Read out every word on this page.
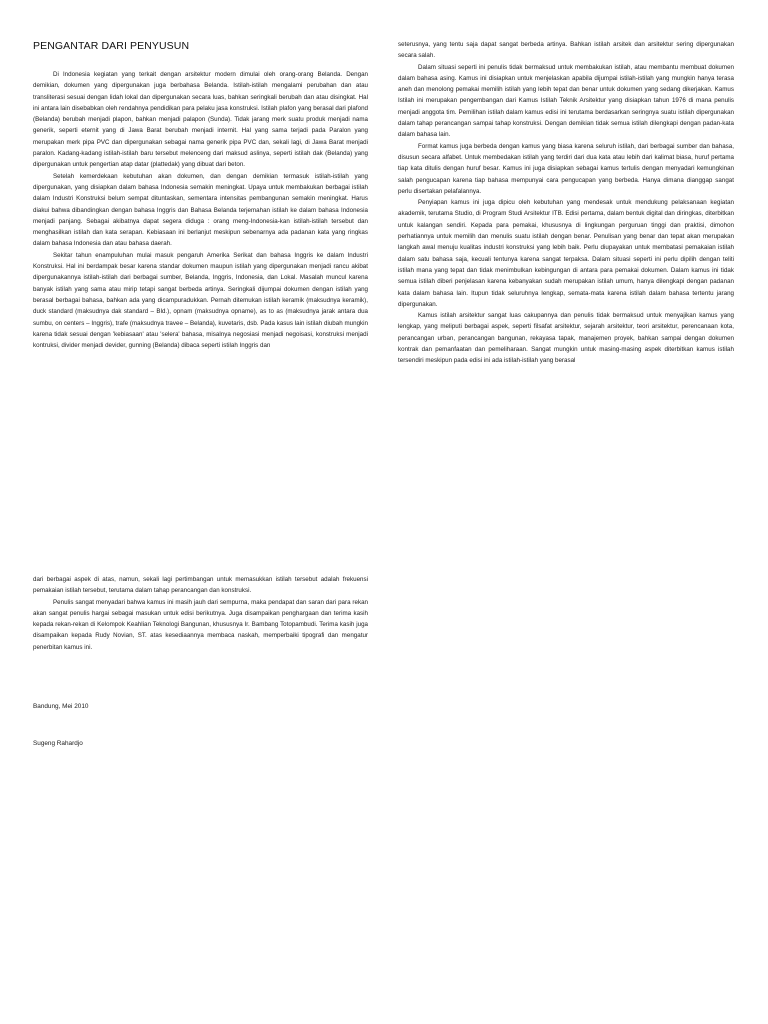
PENGANTAR DARI PENYUSUN

Di Indonesia kegiatan yang terkait dengan arsitektur modern dimulai oleh orang-orang Belanda. Dengan demikian, dokumen yang dipergunakan juga berbahasa Belanda. Istilah-istilah mengalami perubahan dan atau transliterasi sesuai dengan lidah lokal dan dipergunakan secara luas, bahkan seringkali berubah dan atau disingkat. Hal ini antara lain disebabkan oleh rendahnya pendidikan para pelaku jasa konstruksi. Istilah plafon yang berasal dari plafond (Belanda) berubah menjadi plapon, bahkan menjadi palapon (Sunda). Tidak jarang merk suatu produk menjadi nama generik, seperti eternit yang di Jawa Barat berubah menjadi internit. Hal yang sama terjadi pada Paralon yang merupakan merk pipa PVC dan dipergunakan sebagai nama generik pipa PVC dan, sekali lagi, di Jawa Barat menjadi paralon. Kadang-kadang istilah-istilah baru tersebut melenceng dari maksud aslinya, seperti istilah dak (Belanda) yang dipergunakan untuk pengertian atap datar (plattedak) yang dibuat dari beton.

Setelah kemerdekaan kebutuhan akan dokumen, dan dengan demikian termasuk istilah-istilah yang dipergunakan, yang disiapkan dalam bahasa Indonesia semakin meningkat. Upaya untuk membakukan berbagai istilah dalam Industri Konstruksi belum sempat dituntaskan, sementara intensitas pembangunan semakin meningkat. Harus diakui bahwa dibandingkan dengan bahasa Inggris dan Bahasa Belanda terjemahan istilah ke dalam bahasa Indonesia menjadi panjang. Sebagai akibatnya dapat segera diduga : orang meng-Indonesia-kan istilah-istilah tersebut dan menghasilkan istilah dan kata serapan. Kebiasaan ini berlanjut meskipun sebenarnya ada padanan kata yang ringkas dalam bahasa Indonesia dan atau bahasa daerah.

Sekitar tahun enampuluhan mulai masuk pengaruh Amerika Serikat dan bahasa Inggris ke dalam Industri Konstruksi. Hal ini berdampak besar karena standar dokumen maupun istilah yang dipergunakan menjadi rancu akibat dipergunakannya istilah-istilah dari berbagai sumber, Belanda, Inggris, Indonesia, dan Lokal. Masalah muncul karena banyak istilah yang sama atau mirip tetapi sangat berbeda artinya. Seringkali dijumpai dokumen dengan istilah yang berasal berbagai bahasa, bahkan ada yang dicampuradukkan. Pernah ditemukan istilah keramik (maksudnya keramik), duck standard (maksudnya dak standard – Bld.), opnam (maksudnya opname), as to as (maksudnya jarak antara dua sumbu, on centers – Inggris), trafe (maksudnya travee – Belanda), kuvetaris, dsb. Pada kasus lain istilah diubah mungkin karena tidak sesuai dengan 'kebiasaan' atau 'selera' bahasa, misalnya negosiasi menjadi negoisasi, konstruksi menjadi kontruksi, divider menjadi devider, gunning (Belanda) dibaca seperti istilah Inggris dan

seterusnya, yang tentu saja dapat sangat berbeda artinya. Bahkan istilah arsitek dan arsitektur sering dipergunakan secara salah.

Dalam situasi seperti ini penulis tidak bermaksud untuk membakukan istilah, atau membantu membuat dokumen dalam bahasa asing. Kamus ini disiapkan untuk menjelaskan apabila dijumpai istilah-istilah yang mungkin hanya terasa aneh dan menolong pemakai memilih istilah yang lebih tepat dan benar untuk dokumen yang sedang dikerjakan. Kamus Istilah ini merupakan pengembangan dari Kamus Istilah Teknik Arsitektur yang disiapkan tahun 1976 di mana penulis menjadi anggota tim. Pemilihan istilah dalam kamus edisi ini terutama berdasarkan seringnya suatu istilah dipergunakan dalam tahap perancangan sampai tahap konstruksi. Dengan demikian tidak semua istilah dilengkapi dengan padan-kata dalam bahasa lain.

Format kamus juga berbeda dengan kamus yang biasa karena seluruh istilah, dari berbagai sumber dan bahasa, disusun secara alfabet. Untuk membedakan istilah yang terdiri dari dua kata atau lebih dari kalimat biasa, huruf pertama tiap kata ditulis dengan huruf besar. Kamus ini juga disiapkan sebagai kamus tertulis dengan menyadari kemungkinan salah pengucapan karena tiap bahasa mempunyai cara pengucapan yang berbeda. Hanya dimana dianggap sangat perlu disertakan pelafalannya.

Penyiapan kamus ini juga dipicu oleh kebutuhan yang mendesak untuk mendukung pelaksanaan kegiatan akademik, terutama Studio, di Program Studi Arsitektur ITB. Edisi pertama, dalam bentuk digital dan diringkas, diterbitkan untuk kalangan sendiri. Kepada para pemakai, khususnya di lingkungan perguruan tinggi dan praktisi, dimohon perhatiannya untuk memilih dan menulis suatu istilah dengan benar. Penulisan yang benar dan tepat akan merupakan langkah awal menuju kualitas industri konstruksi yang lebih baik. Perlu diupayakan untuk membatasi pemakaian istilah dalam satu bahasa saja, kecuali tentunya karena sangat terpaksa. Dalam situasi seperti ini perlu dipilih dengan teliti istilah mana yang tepat dan tidak menimbulkan kebingungan di antara para pemakai dokumen. Dalam kamus ini tidak semua istilah diberi penjelasan karena kebanyakan sudah merupakan istilah umum, hanya dilengkapi dengan padanan kata dalam bahasa lain. Itupun tidak seluruhnya lengkap, semata-mata karena istilah dalam bahasa tertentu jarang dipergunakan.

Kamus istilah arsitektur sangat luas cakupannya dan penulis tidak bermaksud untuk menyajikan kamus yang lengkap, yang meliputi berbagai aspek, seperti filsafat arsitektur, sejarah arsitektur, teori arsitektur, perencanaan kota, perancangan urban, perancangan bangunan, rekayasa tapak, manajemen proyek, bahkan sampai dengan dokumen kontrak dan pemanfaatan dan pemeliharaan. Sangat mungkin untuk masing-masing aspek diterbitkan kamus istilah tersendiri meskipun pada edisi ini ada istilah-istilah yang berasal

dari berbagai aspek di atas, namun, sekali lagi pertimbangan untuk memasukkan istilah tersebut adalah frekuensi pemakaian istilah tersebut, terutama dalam tahap perancangan dan konstruksi.

Penulis sangat menyadari bahwa kamus ini masih jauh dari sempurna, maka pendapat dan saran dari para rekan akan sangat penulis hargai sebagai masukan untuk edisi berikutnya. Juga disampaikan penghargaan dan terima kasih kepada rekan-rekan di Kelompok Keahlian Teknologi Bangunan, khususnya Ir. Bambang Totopambudi. Terima kasih juga disampaikan kepada Rudy Novian, ST. atas kesediaannya membaca naskah, memperbaiki tipografi dan mengatur penerbitan kamus ini.

Bandung, Mei 2010
Sugeng Rahardjo
